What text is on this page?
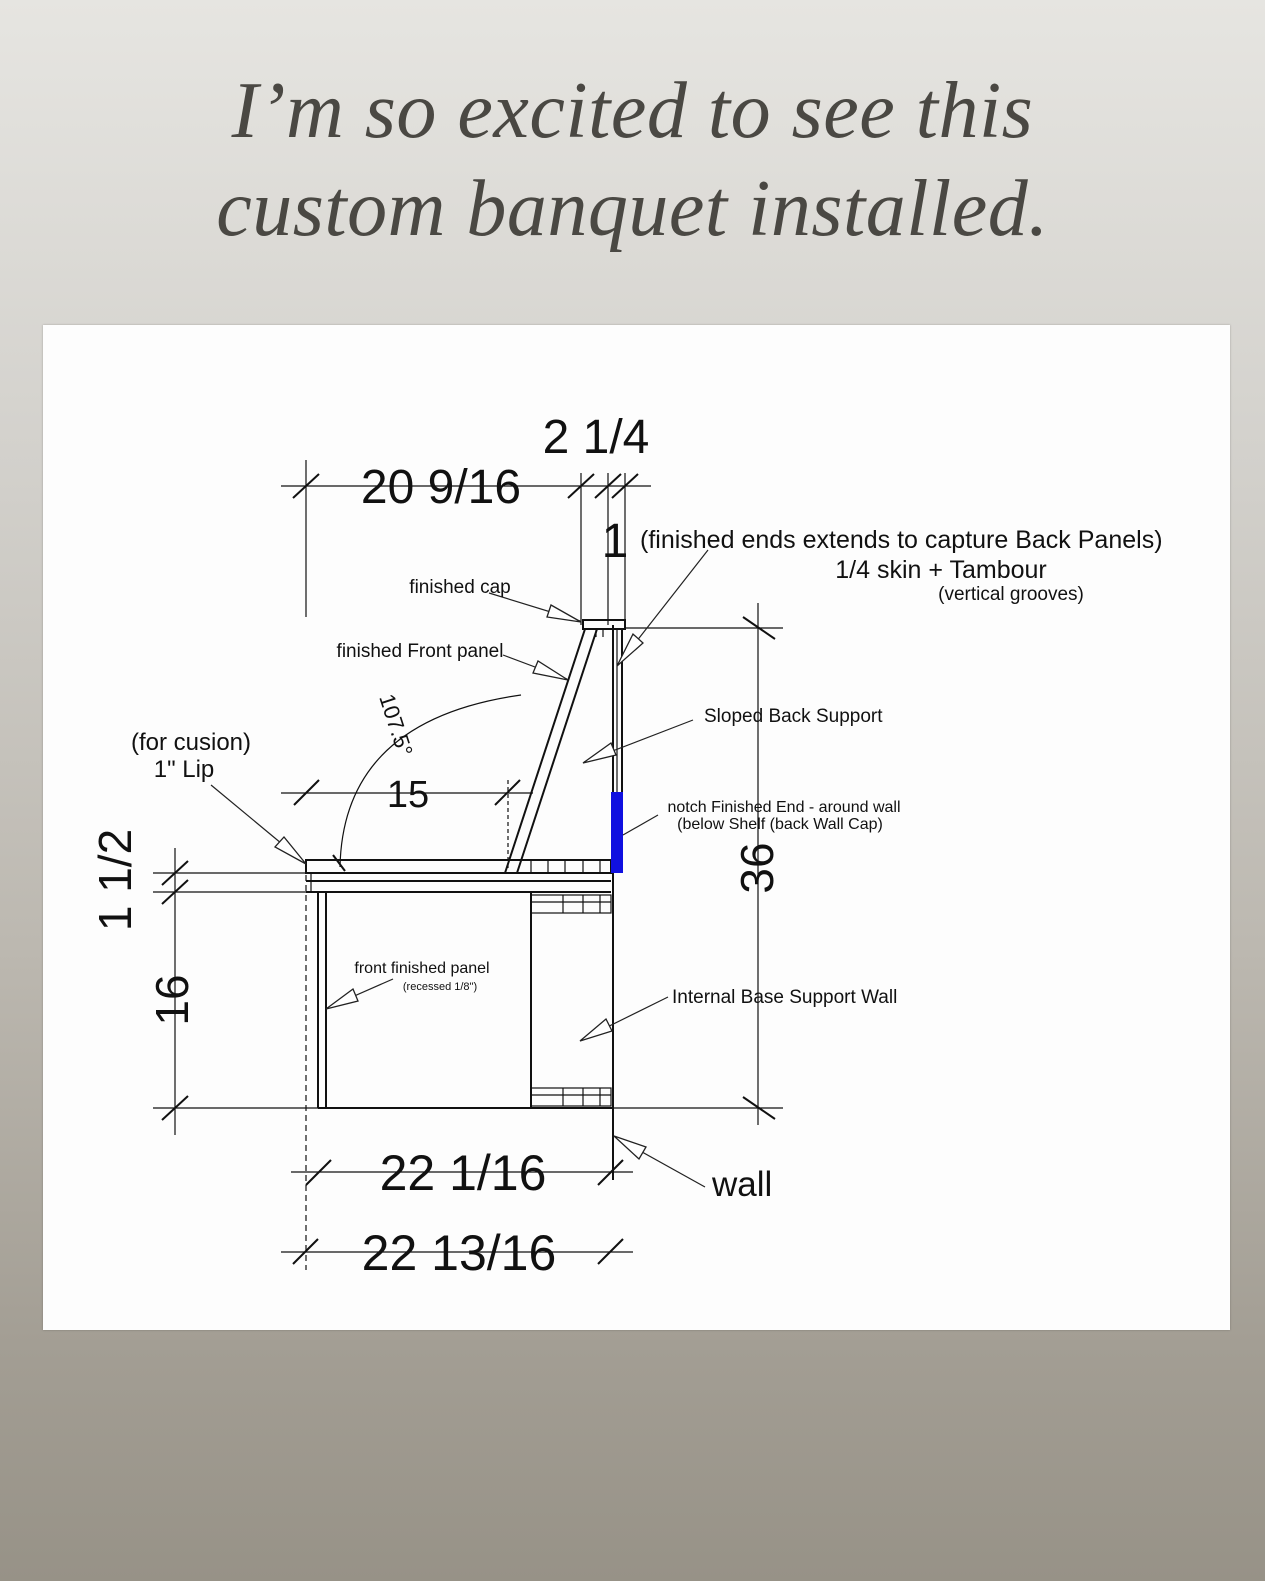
I’m so excited to see this
custom banquet installed.
2 1/4
20 9/16
1 (finished ends extends to capture Back Panels)
1/4 skin + Tambour
(vertical grooves)
finished cap
finished Front panel
Sloped Back Support
(for cusion)
1" Lip
15
107.5°
notch Finished End - around wall
(below Shelf (back Wall Cap)
1 1/2
16
36
front finished panel
(recessed 1/8")	Internal Base Support Wall
wall
22 1/16
22 13/16
